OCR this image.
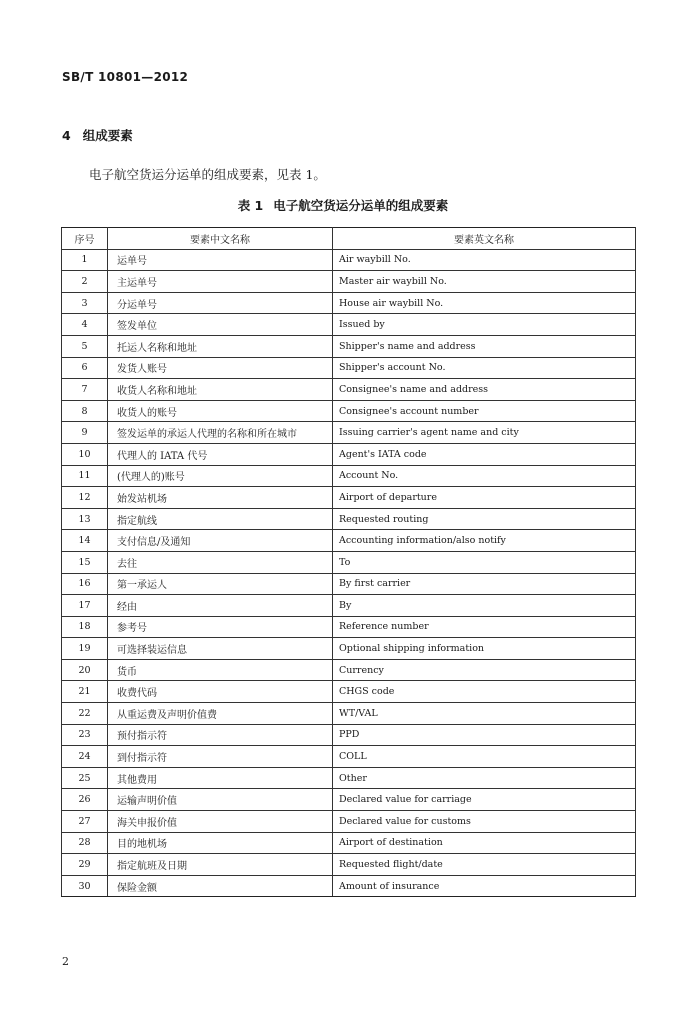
SB/T 10801—2012
4 组成要素
电子航空货运分运单的组成要素，见表 1。
表 1 电子航空货运分运单的组成要素
序号	要素中文名称	要素英文名称
1	运单号	Air waybill No.
2	主运单号	Master air waybill No.
3	分运单号	House air waybill No.
4	签发单位	Issued by
5	托运人名称和地址	Shipper's name and address
6	发货人账号	Shipper's account No.
7	收货人名称和地址	Consignee's name and address
8	收货人的账号	Consignee's account number
9	签发运单的承运人代理的名称和所在城市	Issuing carrier's agent name and city
10	代理人的 IATA 代号	Agent's IATA code
11	(代理人的)账号	Account No.
12	始发站机场	Airport of departure
13	指定航线	Requested routing
14	支付信息/及通知	Accounting information/also notify
15	去往	To
16	第一承运人	By first carrier
17	经由	By
18	参考号	Reference number
19	可选择装运信息	Optional shipping information
20	货币	Currency
21	收费代码	CHGS code
22	从重运费及声明价值费	WT/VAL
23	预付指示符	PPD
24	到付指示符	COLL
25	其他费用	Other
26	运输声明价值	Declared value for carriage
27	海关申报价值	Declared value for customs
28	目的地机场	Airport of destination
29	指定航班及日期	Requested flight/date
30	保险金额	Amount of insurance
2
